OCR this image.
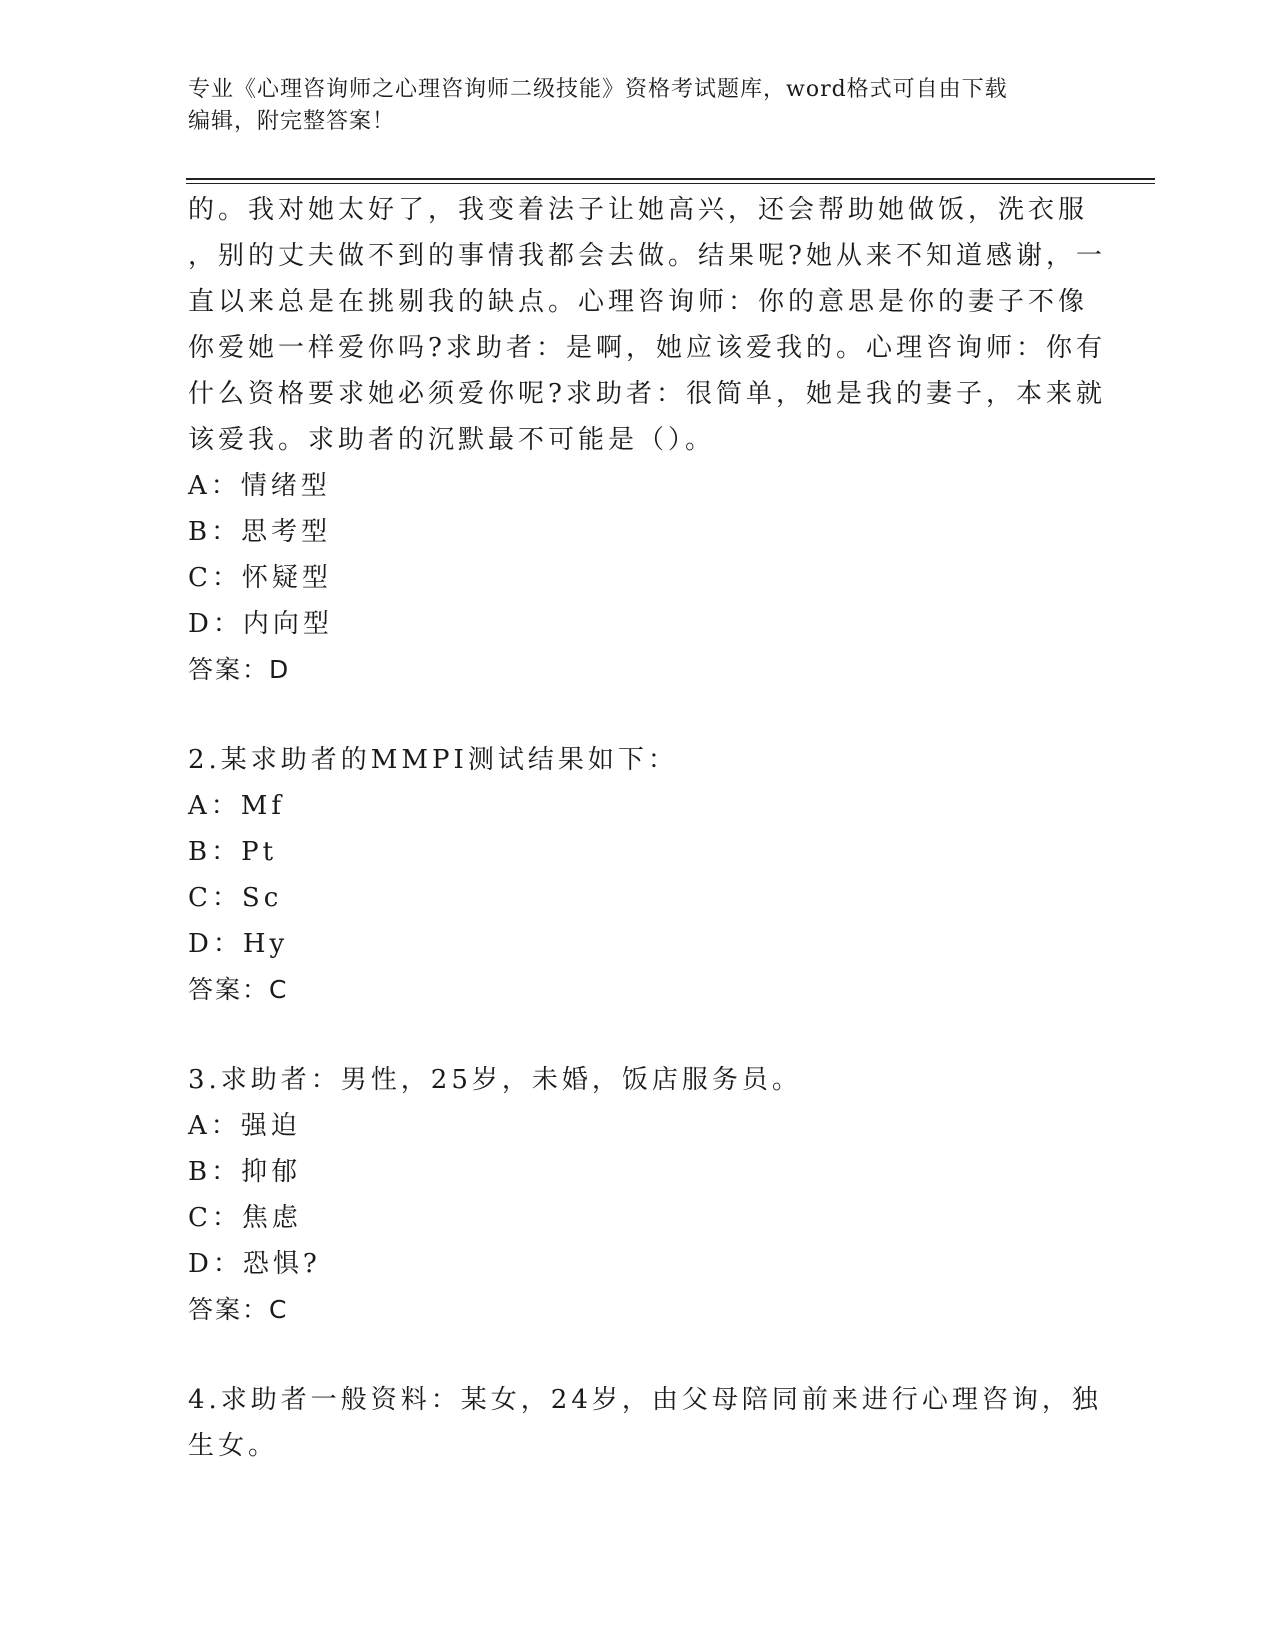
专业《心理咨询师之心理咨询师二级技能》资格考试题库，word格式可自由下载
编辑，附完整答案！
的。我对她太好了，我变着法子让她高兴，还会帮助她做饭，洗衣服
，别的丈夫做不到的事情我都会去做。结果呢?她从来不知道感谢，一
直以来总是在挑剔我的缺点。心理咨询师：你的意思是你的妻子不像
你爱她一样爱你吗?求助者：是啊，她应该爱我的。心理咨询师：你有
什么资格要求她必须爱你呢?求助者：很简单，她是我的妻子，本来就
该爱我。求助者的沉默最不可能是（）。
A：情绪型
B：思考型
C：怀疑型
D：内向型
答案：D
2.某求助者的MMPI测试结果如下：
A：Mf
B：Pt
C：Sc
D：Hy
答案：C
3.求助者：男性，25岁，未婚，饭店服务员。
A：强迫
B：抑郁
C：焦虑
D：恐惧?
答案：C
4.求助者一般资料：某女，24岁，由父母陪同前来进行心理咨询，独
生女。
